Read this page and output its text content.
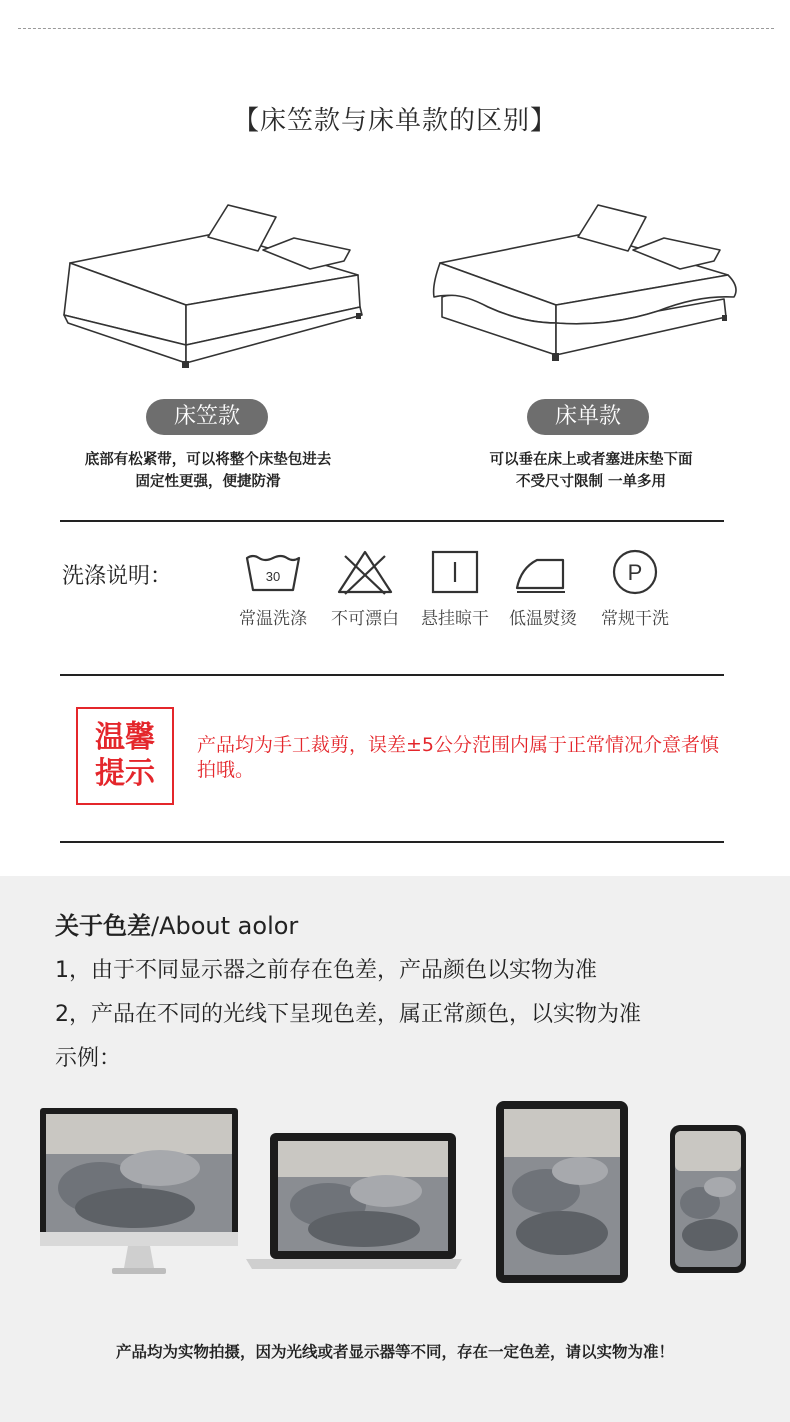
【床笠款与床单款的区别】
床笠款	床单款
底部有松紧带，可以将整个床垫包进去
固定性更强，便捷防滑
可以垂在床上或者塞进床垫下面
不受尺寸限制 一单多用
洗涤说明：	30
常温洗涤	不可漂白	悬挂晾干	低温熨烫
P
常规干洗
温馨
提示
产品均为手工裁剪，误差±5公分范围内属于正常情况介意者慎拍哦。
关于色差/About aolor
1，由于不同显示器之前存在色差，产品颜色以实物为准
2，产品在不同的光线下呈现色差，属正常颜色，以实物为准
示例：
产品均为实物拍摄，因为光线或者显示器等不同，存在一定色差，请以实物为准！
